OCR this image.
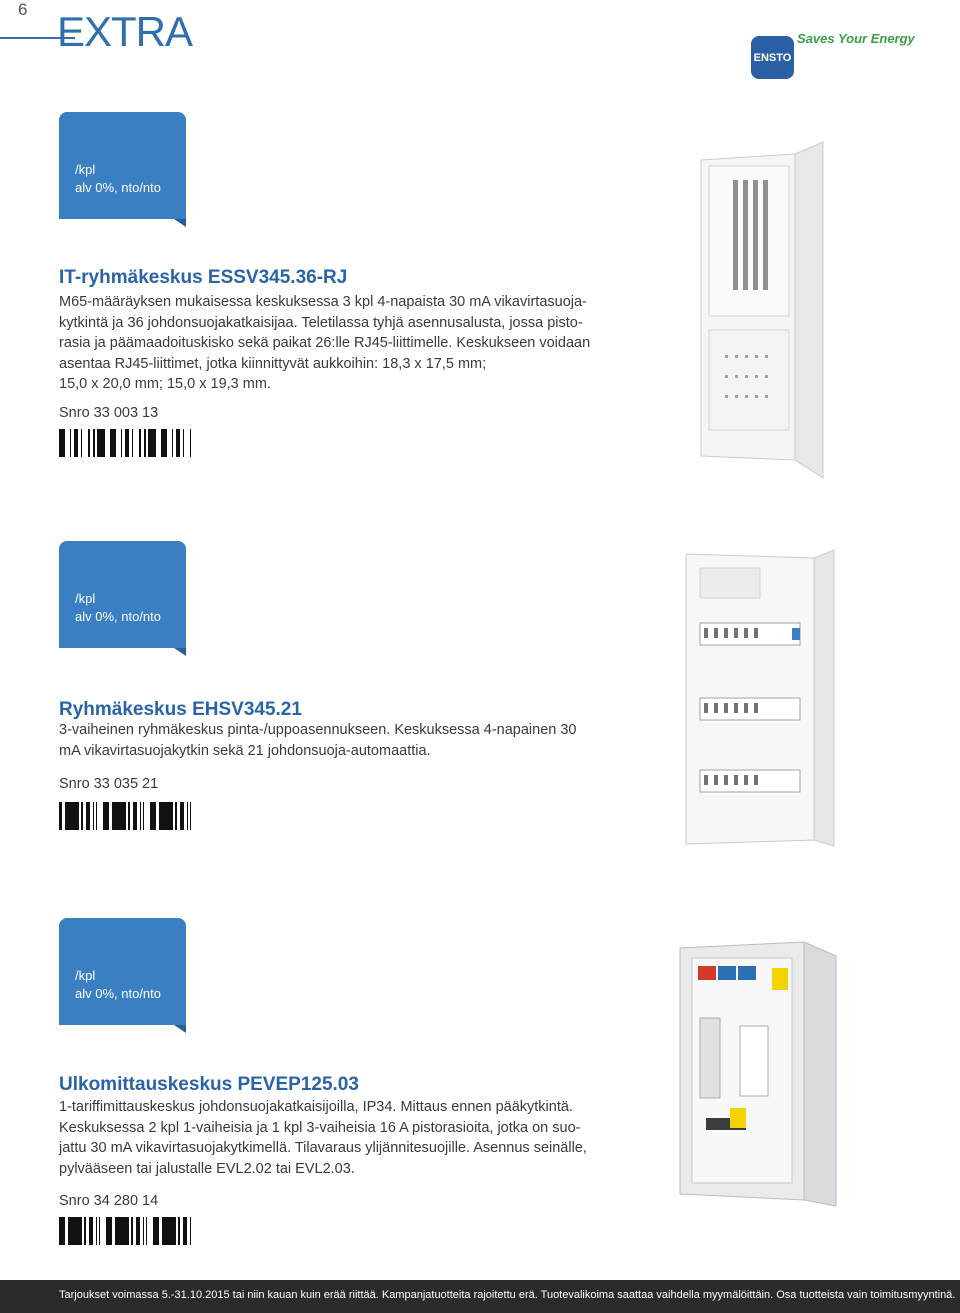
6 EXTRA
ENSTO
Saves Your Energy
/kpl
alv 0%, nto/nto
IT-ryhmäkeskus ESSV345.36-RJ
M65-määräyksen mukaisessa keskuksessa 3 kpl 4-napaista 30 mA vikavirtasuoja-
kytkintä ja 36 johdonsuojakatkaisijaa. Teletilassa tyhjä asennusalusta, jossa pisto-
rasia ja päämaadoituskisko sekä paikat 26:lle RJ45-liittimelle. Keskukseen voidaan
asentaa RJ45-liittimet, jotka kiinnittyvät aukkoihin: 18,3 x 17,5 mm;
15,0 x 20,0 mm; 15,0 x 19,3 mm.
Snro 33 003 13
/kpl
alv 0%, nto/nto
Ryhmäkeskus EHSV345.21
3-vaiheinen ryhmäkeskus pinta-/uppoasennukseen. Keskuksessa 4-napainen 30
mA vikavirtasuojakytkin sekä 21 johdonsuoja-automaattia.
Snro 33 035 21
/kpl
alv 0%, nto/nto
Ulkomittauskeskus PEVEP125.03
1-tariffimittauskeskus johdonsuojakatkaisijoilla, IP34. Mittaus ennen pääkytkintä.
Keskuksessa 2 kpl 1-vaiheisia ja 1 kpl 3-vaiheisia 16 A pistorasioita, jotka on suo-
jattu 30 mA vikavirtasuojakytkimellä. Tilavaraus ylijännitesuojille. Asennus seinälle,
pylvääseen tai jalustalle EVL2.02 tai EVL2.03.
Snro 34 280 14
Tarjoukset voimassa 5.-31.10.2015 tai niin kauan kuin erää riittää. Kampanjatuotteita rajoitettu erä. Tuotevalikoima saattaa vaihdella myymälöittäin. Osa tuotteista vain toimitusmyyntinä.
